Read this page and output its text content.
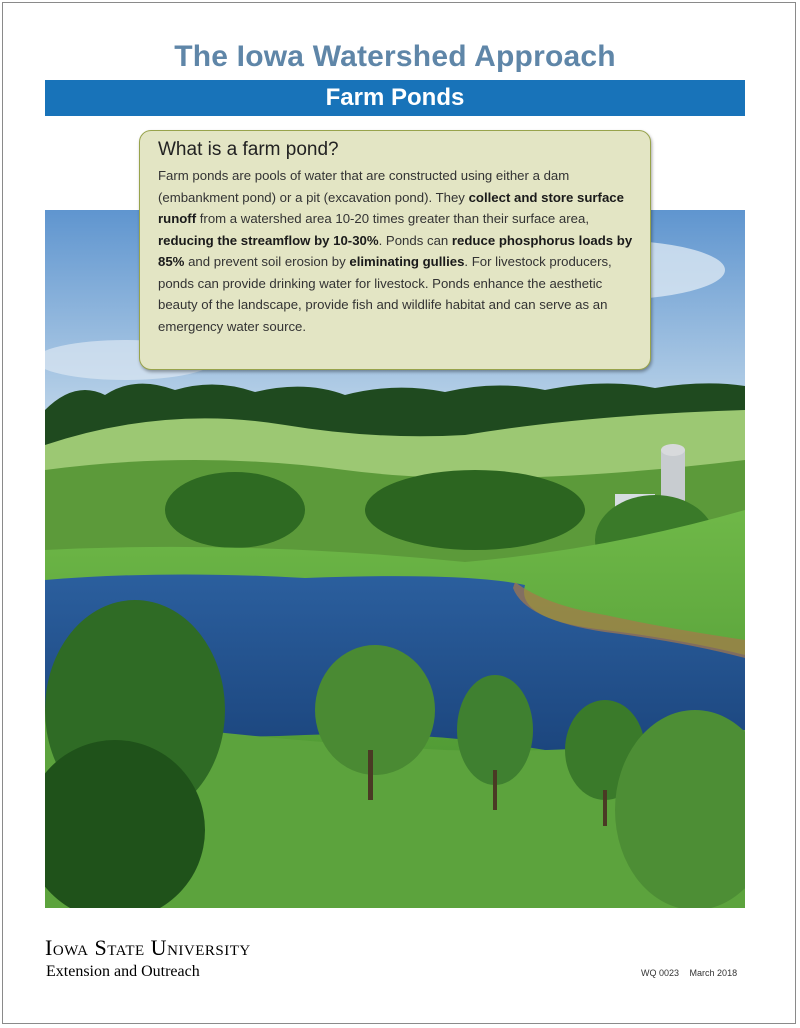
The Iowa Watershed Approach
Farm Ponds
What is a farm pond?
Farm ponds are pools of water that are constructed using either a dam (embankment pond) or a pit (excavation pond). They collect and store surface runoff from a watershed area 10-20 times greater than their surface area, reducing the streamflow by 10-30%. Ponds can reduce phosphorus loads by 85% and prevent soil erosion by eliminating gullies. For livestock producers, ponds can provide drinking water for livestock. Ponds enhance the aesthetic beauty of the landscape, provide fish and wildlife habitat and can serve as an emergency water source.
Iowa State University
Extension and Outreach	WQ 0023 March 2018
